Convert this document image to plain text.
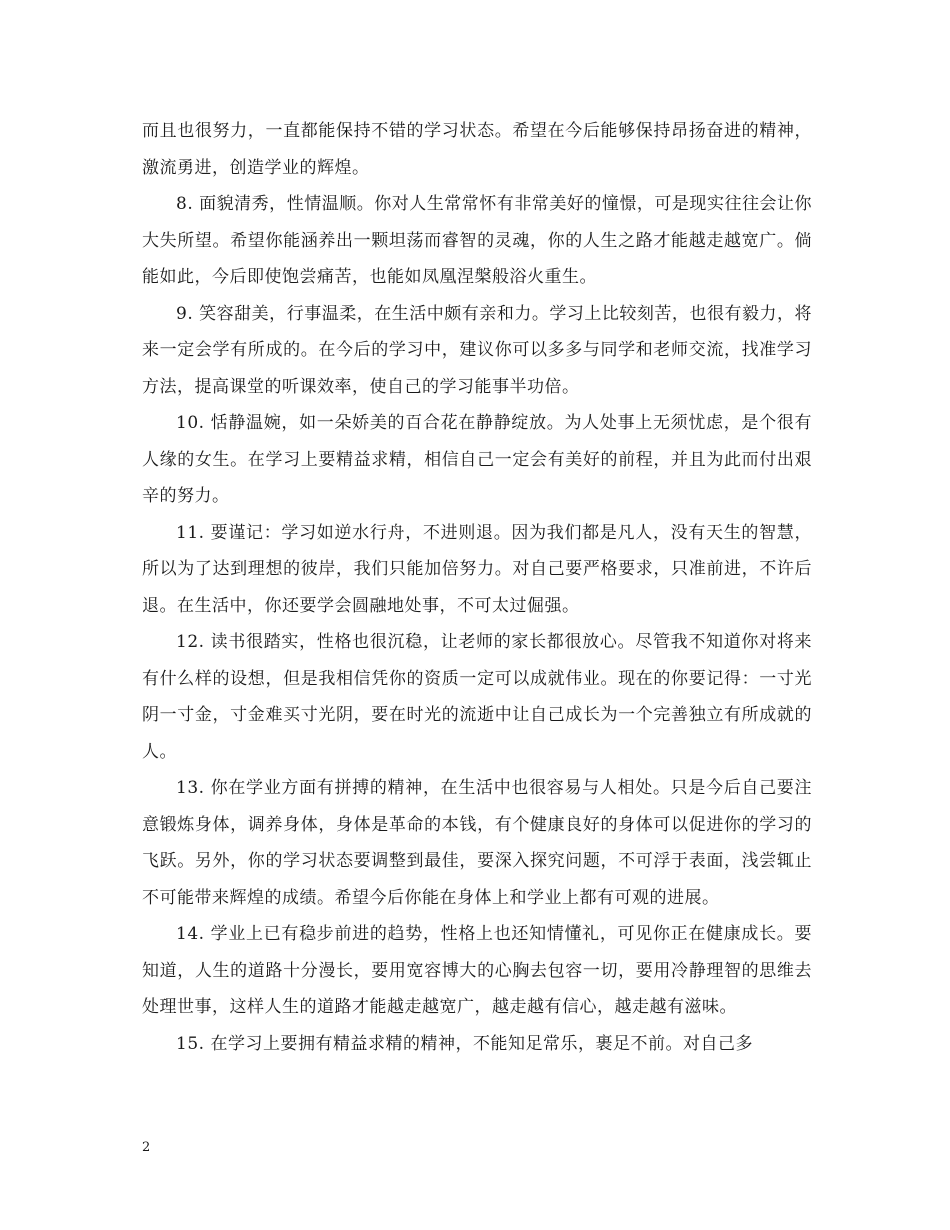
而且也很努力，一直都能保持不错的学习状态。希望在今后能够保持昂扬奋进的精神，激流勇进，创造学业的辉煌。

8. 面貌清秀，性情温顺。你对人生常常怀有非常美好的憧憬，可是现实往往会让你大失所望。希望你能涵养出一颗坦荡而睿智的灵魂，你的人生之路才能越走越宽广。倘能如此，今后即使饱尝痛苦，也能如凤凰涅槃般浴火重生。

9. 笑容甜美，行事温柔，在生活中颇有亲和力。学习上比较刻苦，也很有毅力，将来一定会学有所成的。在今后的学习中，建议你可以多多与同学和老师交流，找准学习方法，提高课堂的听课效率，使自己的学习能事半功倍。

10. 恬静温婉，如一朵娇美的百合花在静静绽放。为人处事上无须忧虑，是个很有人缘的女生。在学习上要精益求精，相信自己一定会有美好的前程，并且为此而付出艰辛的努力。

11. 要谨记：学习如逆水行舟，不进则退。因为我们都是凡人，没有天生的智慧，所以为了达到理想的彼岸，我们只能加倍努力。对自己要严格要求，只准前进，不许后退。在生活中，你还要学会圆融地处事，不可太过倔强。

12. 读书很踏实，性格也很沉稳，让老师的家长都很放心。尽管我不知道你对将来有什么样的设想，但是我相信凭你的资质一定可以成就伟业。现在的你要记得：一寸光阴一寸金，寸金难买寸光阴，要在时光的流逝中让自己成长为一个完善独立有所成就的人。

13. 你在学业方面有拼搏的精神，在生活中也很容易与人相处。只是今后自己要注意锻炼身体，调养身体，身体是革命的本钱，有个健康良好的身体可以促进你的学习的飞跃。另外，你的学习状态要调整到最佳，要深入探究问题，不可浮于表面，浅尝辄止不可能带来辉煌的成绩。希望今后你能在身体上和学业上都有可观的进展。

14. 学业上已有稳步前进的趋势，性格上也还知情懂礼，可见你正在健康成长。要知道，人生的道路十分漫长，要用宽容博大的心胸去包容一切，要用冷静理智的思维去处理世事，这样人生的道路才能越走越宽广，越走越有信心，越走越有滋味。

15. 在学习上要拥有精益求精的精神，不能知足常乐，裹足不前。对自己多

2
